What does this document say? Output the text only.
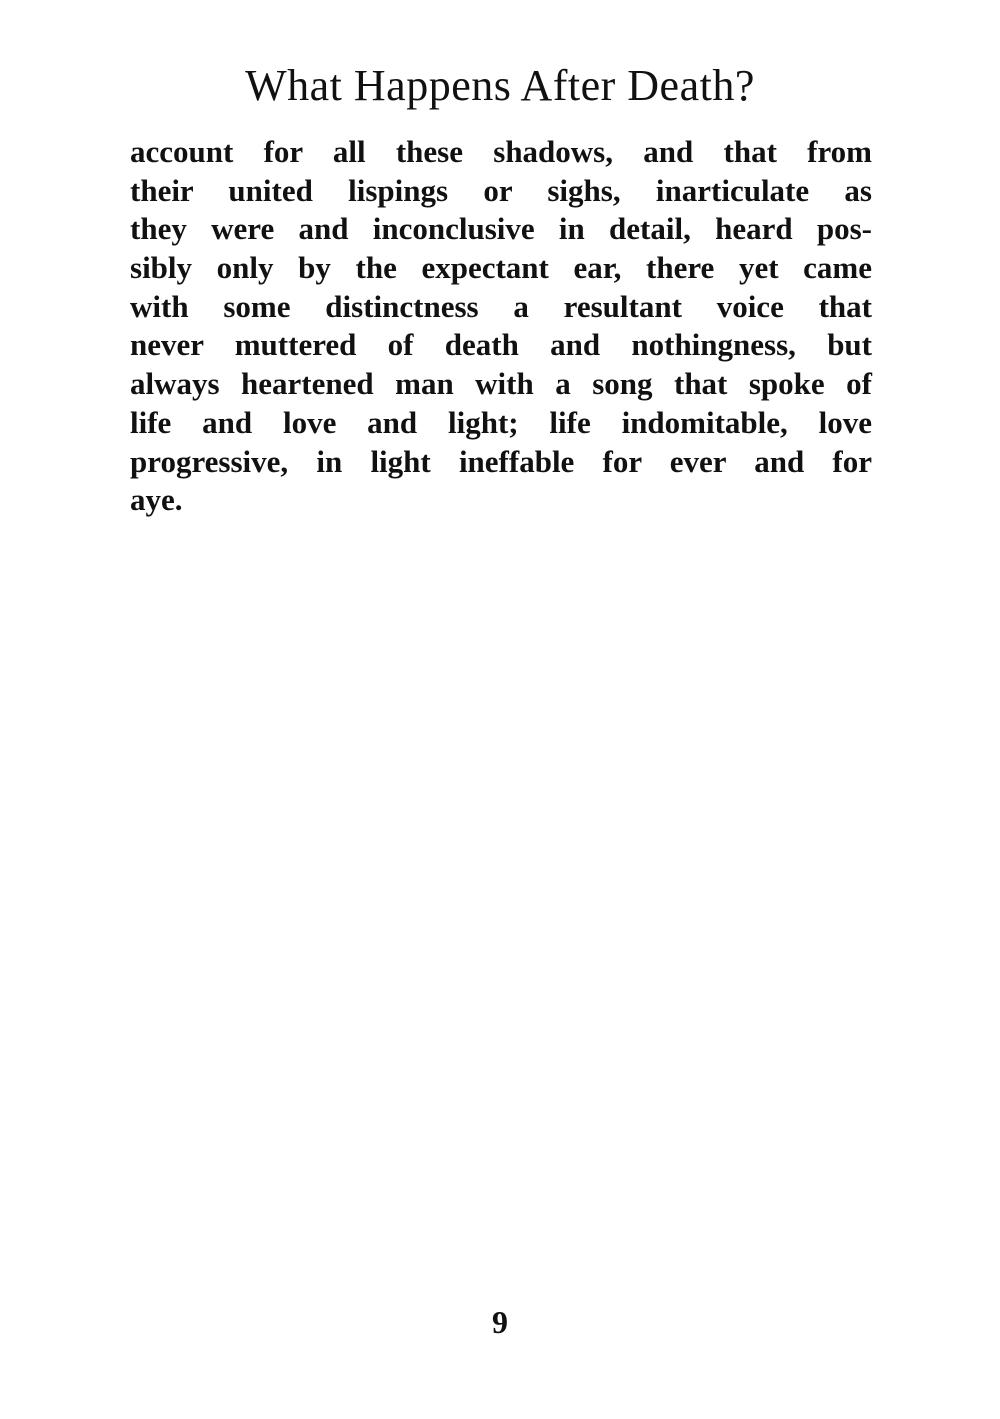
What Happens After Death?
account for all these shadows, and that from
their united lispings or sighs, inarticulate as
they were and inconclusive in detail, heard pos-
sibly only by the expectant ear, there yet came
with some distinctness a resultant voice that
never muttered of death and nothingness, but
always heartened man with a song that spoke of
life and love and light; life indomitable, love
progressive, in light ineffable for ever and for
aye.
9
